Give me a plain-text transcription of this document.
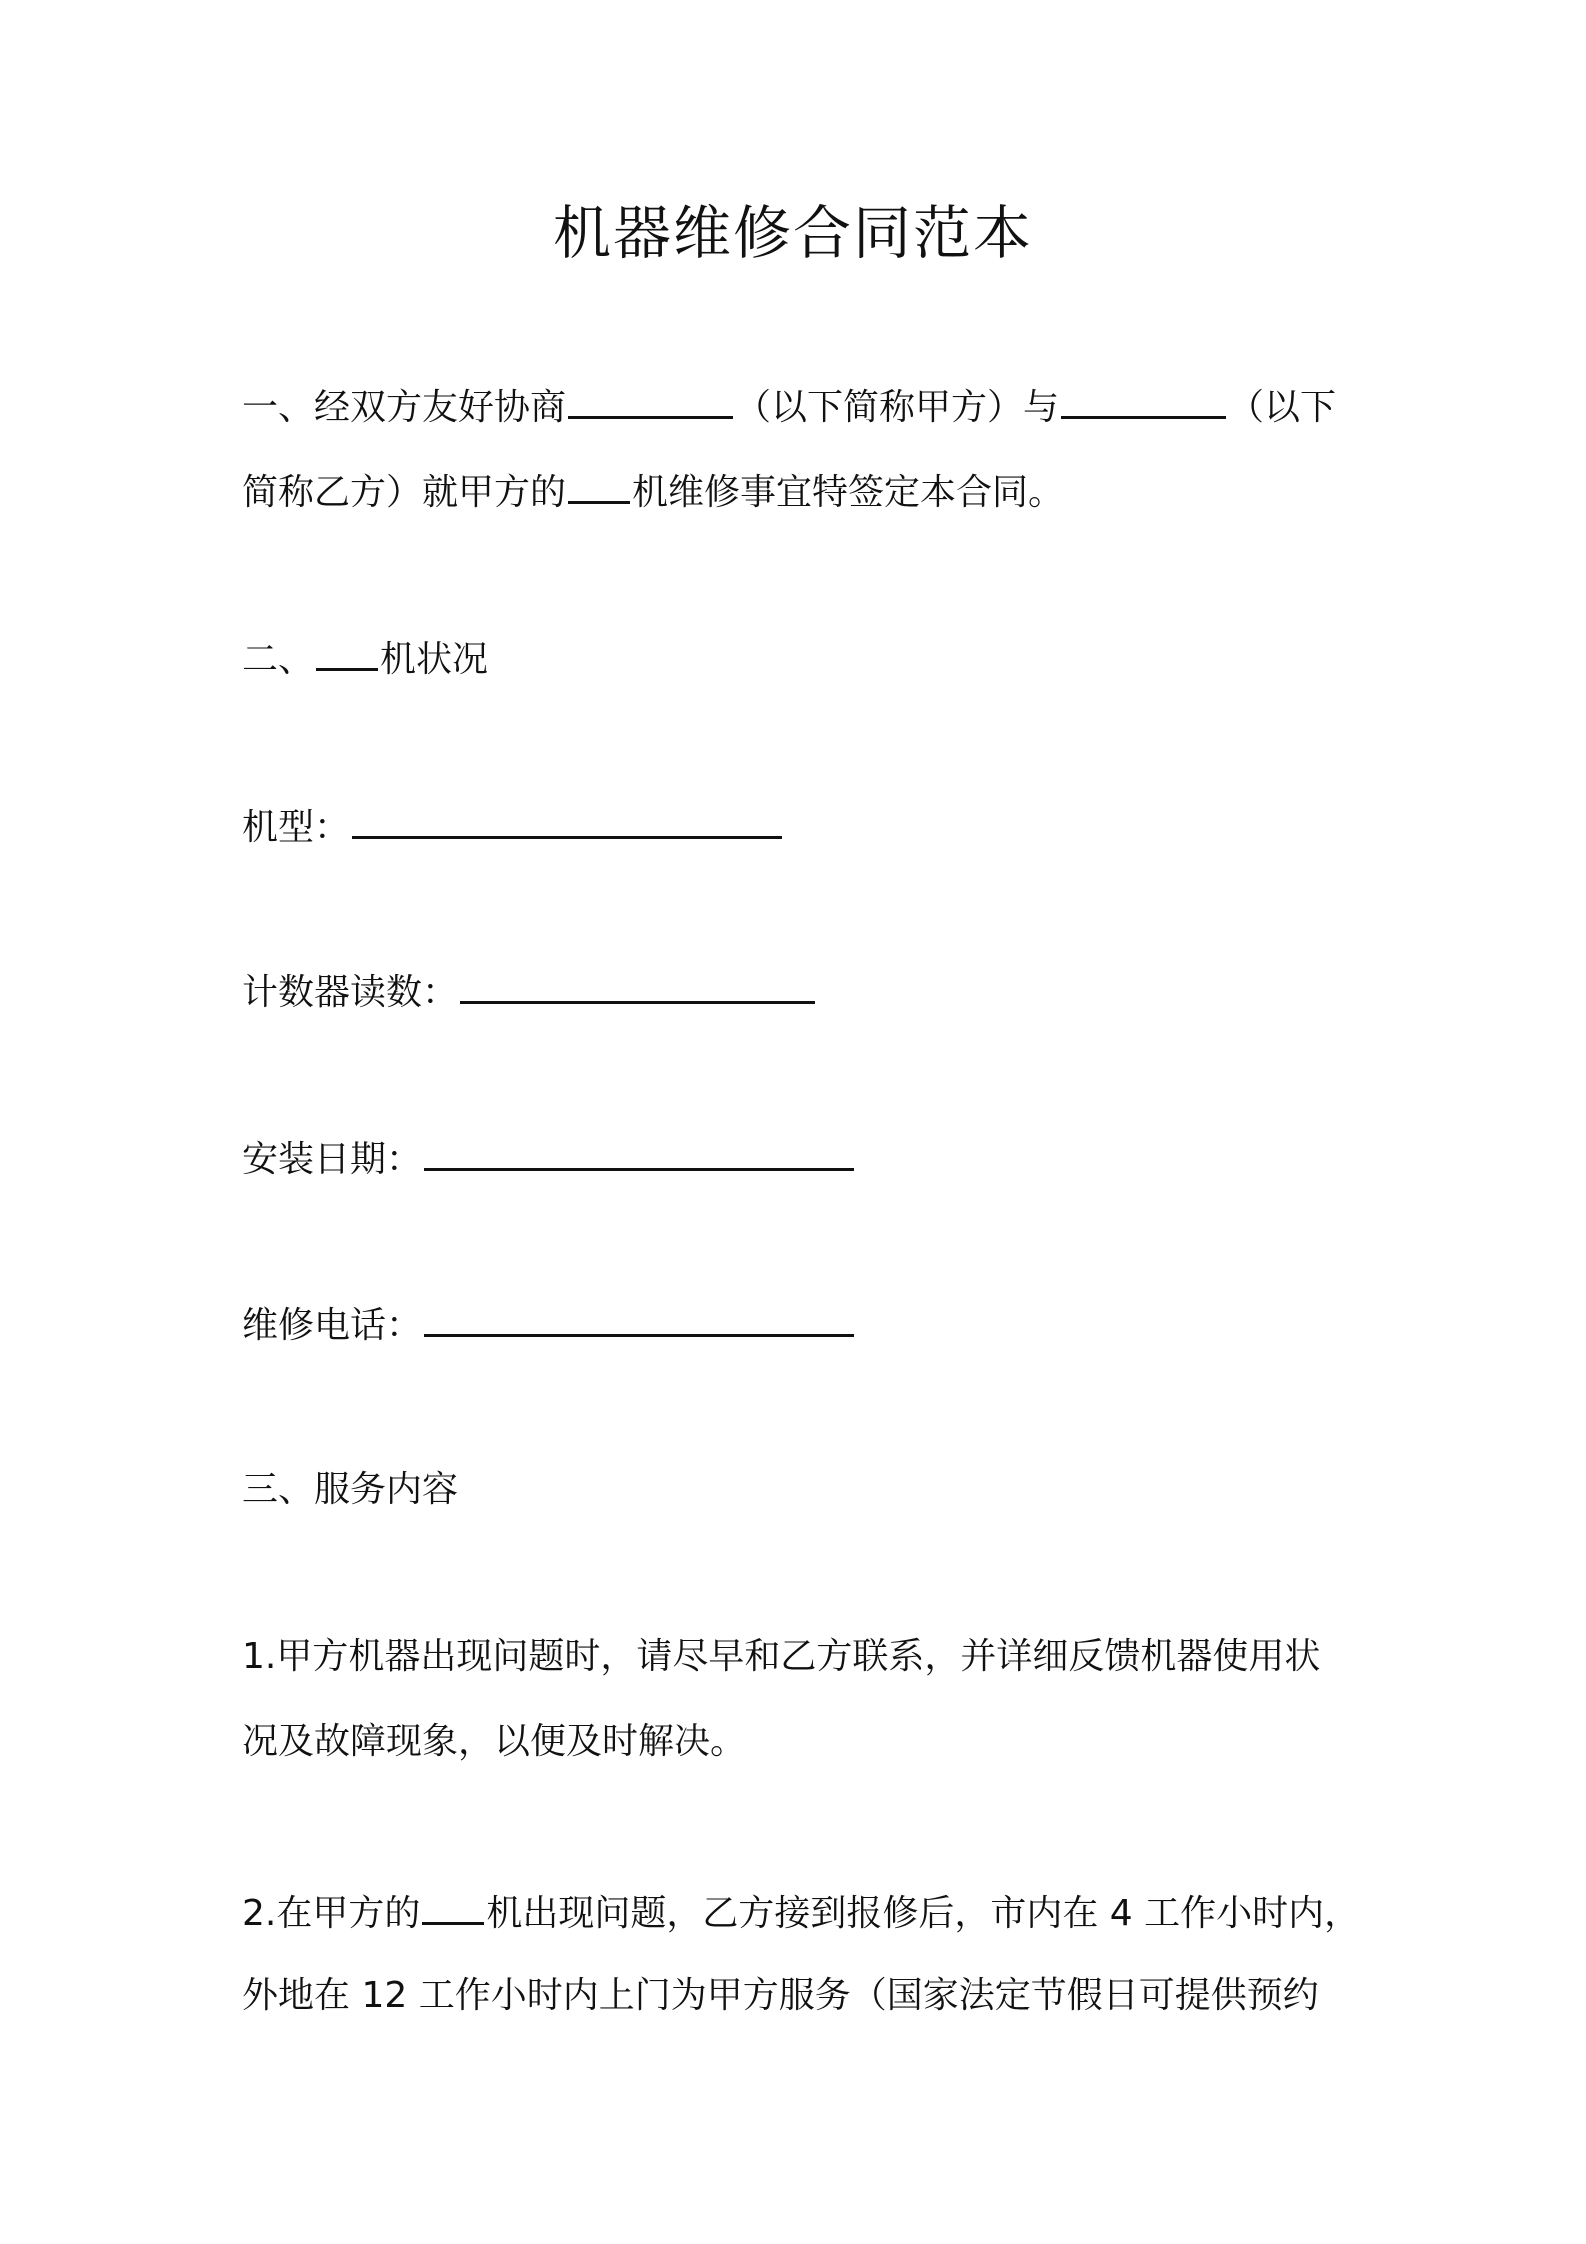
机器维修合同范本
一、经双方友好协商	（以下简称甲方）与	（以下
简称乙方）就甲方的 机维修事宜特签定本合同。
二、 机状况
机型：
计数器读数：
安装日期：
维修电话：
三、服务内容
1.甲方机器出现问题时，请尽早和乙方联系，并详细反馈机器使用状
况及故障现象，以便及时解决。
2.在甲方的 机出现问题，乙方接到报修后，市内在 4 工作小时内，
外地在 12 工作小时内上门为甲方服务（国家法定节假日可提供预约
